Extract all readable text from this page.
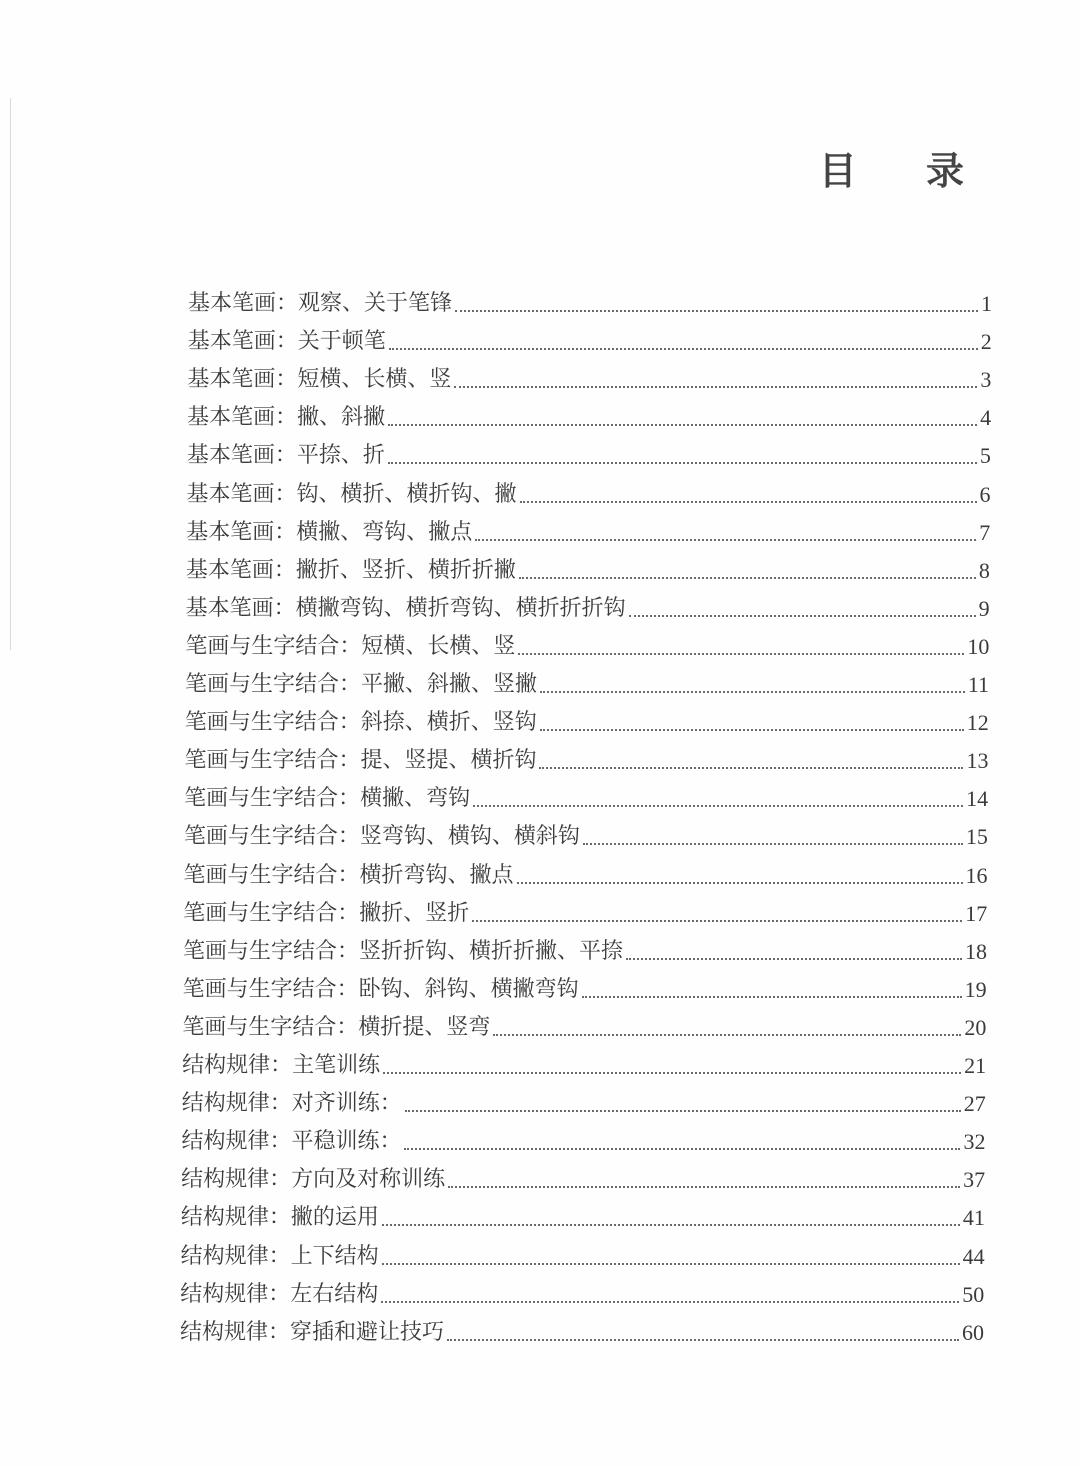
目 录
基本笔画：观察、关于笔锋	1
基本笔画：关于顿笔	2
基本笔画：短横、长横、竖	3
基本笔画：撇、斜撇	4
基本笔画：平捺、折	5
基本笔画：钩、横折、横折钩、撇	6
基本笔画：横撇、弯钩、撇点	7
基本笔画：撇折、竖折、横折折撇	8
基本笔画：横撇弯钩、横折弯钩、横折折折钩	9
笔画与生字结合：短横、长横、竖	10
笔画与生字结合：平撇、斜撇、竖撇	11
笔画与生字结合：斜捺、横折、竖钩	12
笔画与生字结合：提、竖提、横折钩	13
笔画与生字结合：横撇、弯钩	14
笔画与生字结合：竖弯钩、横钩、横斜钩	15
笔画与生字结合：横折弯钩、撇点	16
笔画与生字结合：撇折、竖折	17
笔画与生字结合：竖折折钩、横折折撇、平捺	18
笔画与生字结合：卧钩、斜钩、横撇弯钩	19
笔画与生字结合：横折提、竖弯	20
结构规律：主笔训练	21
结构规律：对齐训练：	27
结构规律：平稳训练：	32
结构规律：方向及对称训练	37
结构规律：撇的运用	41
结构规律：上下结构	44
结构规律：左右结构	50
结构规律：穿插和避让技巧	60
